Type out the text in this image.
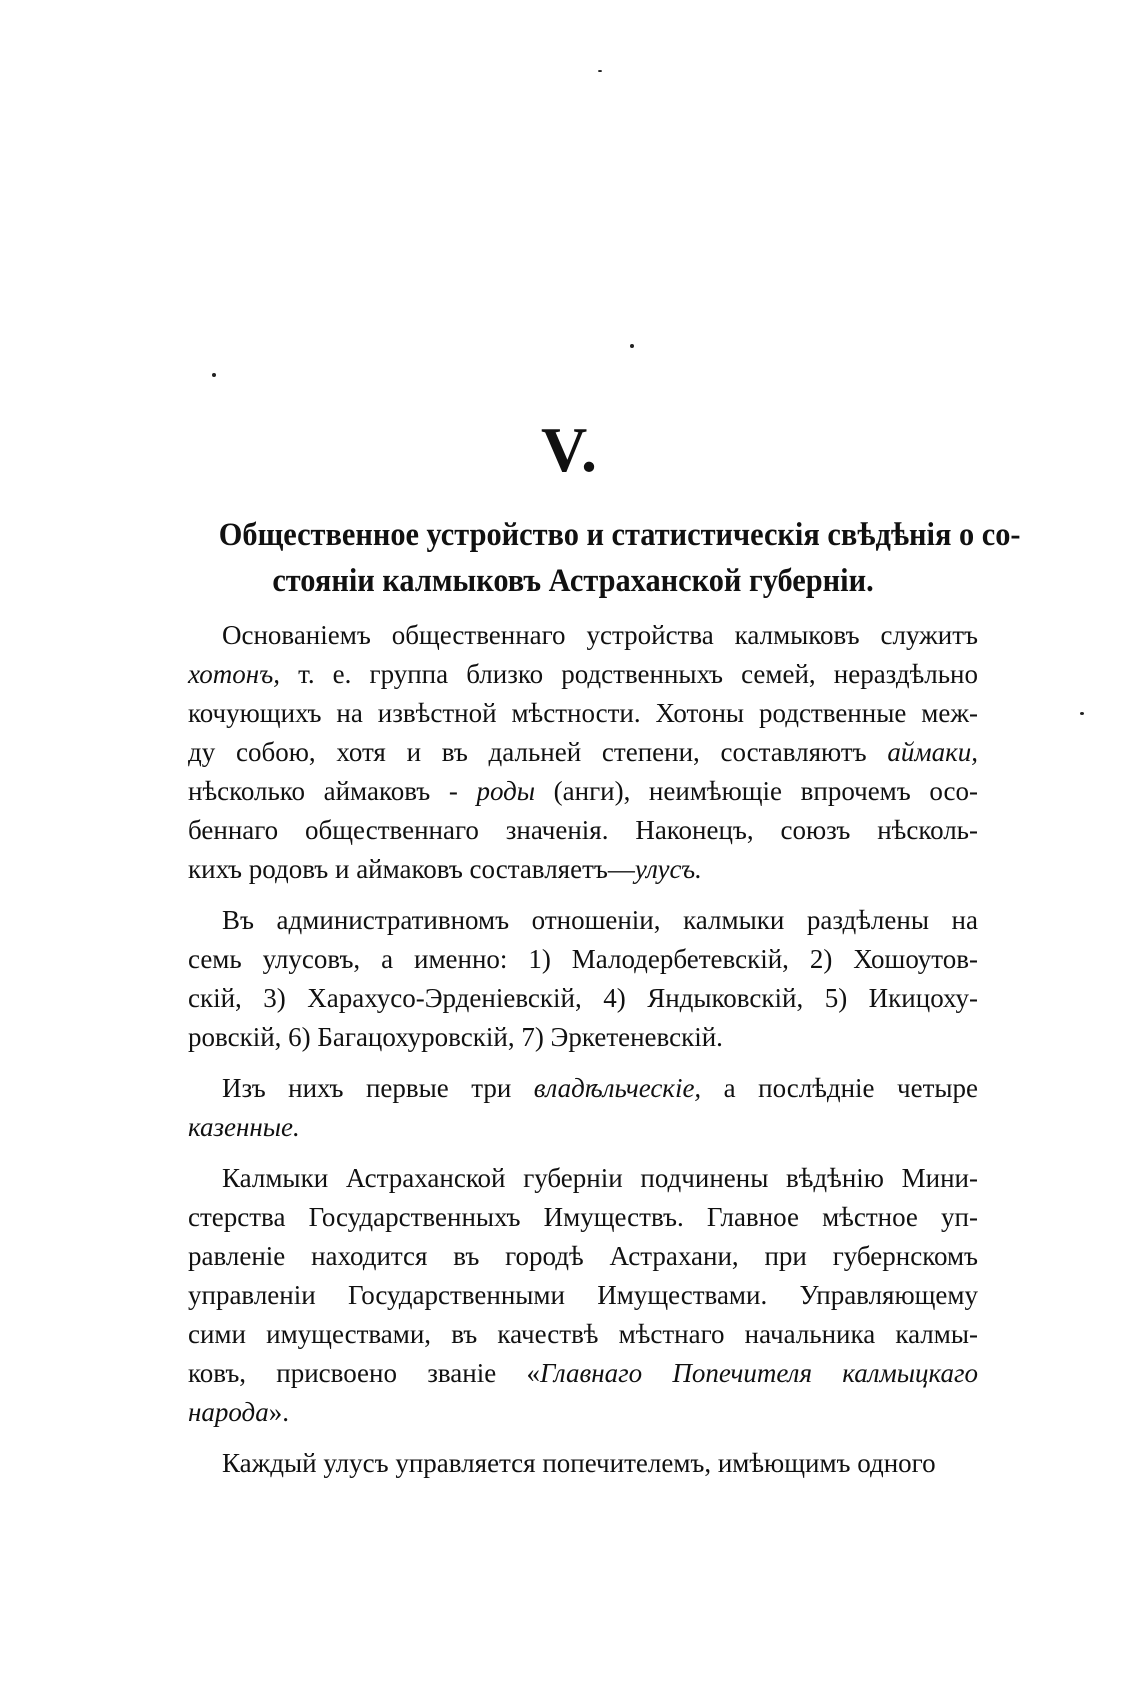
V.
Общественное устройство и статистическія свѣдѣнія о со-
стояніи калмыковъ Астраханской губерніи.
Основаніемъ общественнаго устройства калмыковъ служитъ
хотонъ, т. е. группа близко родственныхъ семей, нераздѣльно
кочующихъ на извѣстной мѣстности. Хотоны родственные меж-
ду собою, хотя и въ дальней степени, составляютъ аймаки,
нѣсколько аймаковъ - роды (анги), неимѣющіе впрочемъ осо-
беннаго общественнаго значенія. Наконецъ, союзъ нѣсколь-
кихъ родовъ и аймаковъ составляетъ—улусъ.
Въ административномъ отношеніи, калмыки раздѣлены на
семь улусовъ, а именно: 1) Малодербетевскій, 2) Хошоутов-
скій, 3) Харахусо-Эрденіевскій, 4) Яндыковскій, 5) Икицоху-
ровскій, 6) Багацохуровскій, 7) Эркетеневскій.
Изъ нихъ первые три владѣльческіе, а послѣдніе четыре
казенные.
Калмыки Астраханской губерніи подчинены вѣдѣнію Мини-
стерства Государственныхъ Имуществъ. Главное мѣстное уп-
равленіе находится въ городѣ Астрахани, при губернскомъ
управленіи Государственными Имуществами. Управляющему
сими имуществами, въ качествѣ мѣстнаго начальника калмы-
ковъ, присвоено званіе «Главнаго Попечителя калмыцкаго
народа».
Каждый улусъ управляется попечителемъ, имѣющимъ одного
